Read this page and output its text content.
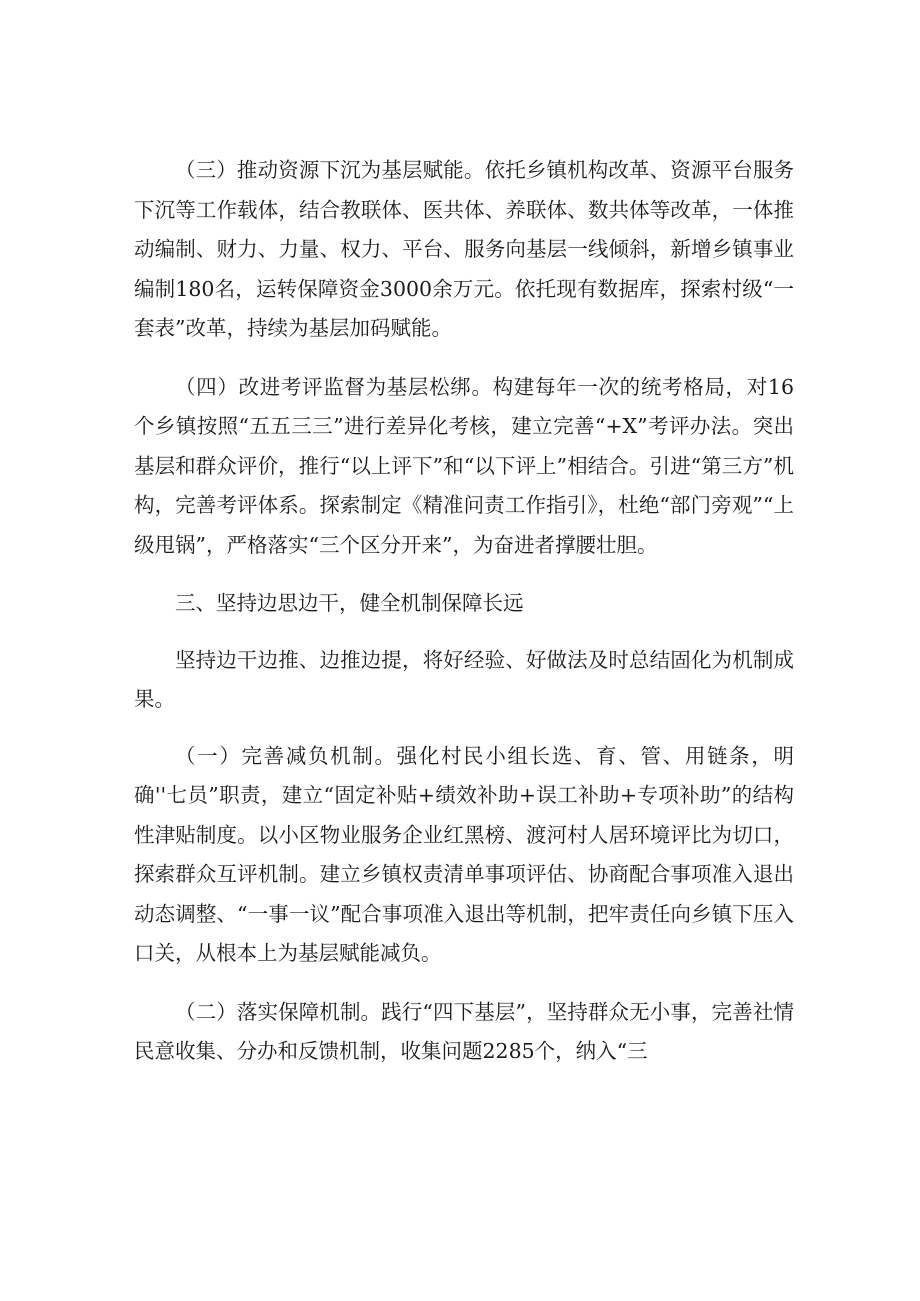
（三）推动资源下沉为基层赋能。依托乡镇机构改革、资源平台服务下沉等工作载体，结合教联体、医共体、养联体、数共体等改革，一体推动编制、财力、力量、权力、平台、服务向基层一线倾斜，新增乡镇事业编制180名，运转保障资金3000余万元。依托现有数据库，探索村级“一套表”改革，持续为基层加码赋能。

（四）改进考评监督为基层松绑。构建每年一次的统考格局，对16个乡镇按照“五五三三”进行差异化考核，建立完善“+X”考评办法。突出基层和群众评价，推行“以上评下”和“以下评上”相结合。引进“第三方”机构，完善考评体系。探索制定《精准问责工作指引》，杜绝“部门旁观”“上级甩锅”，严格落实“三个区分开来”，为奋进者撑腰壮胆。

三、坚持边思边干，健全机制保障长远

坚持边干边推、边推边提，将好经验、好做法及时总结固化为机制成果。

（一）完善减负机制。强化村民小组长选、育、管、用链条，明确''七员”职责，建立“固定补贴+绩效补助+误工补助+专项补助”的结构性津贴制度。以小区物业服务企业红黑榜、渡河村人居环境评比为切口，探索群众互评机制。建立乡镇权责清单事项评估、协商配合事项准入退出动态调整、“一事一议”配合事项准入退出等机制，把牢责任向乡镇下压入口关，从根本上为基层赋能减负。

（二）落实保障机制。践行“四下基层”，坚持群众无小事，完善社情民意收集、分办和反馈机制，收集问题2285个，纳入“三
